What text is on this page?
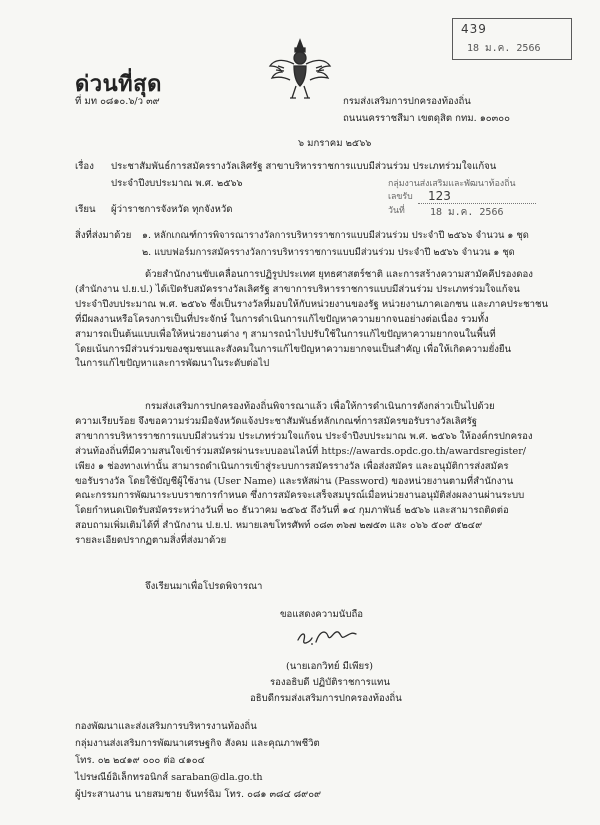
439
18 ม.ค. 2566
ด่วนที่สุด
ที่ มท ๐๘๑๐.๖/ว ๓๙	กรมส่งเสริมการปกครองท้องถิ่น
ถนนนครราชสีมา เขตดุสิต กทม. ๑๐๓๐๐
๖ มกราคม ๒๕๖๖
กลุ่มงานส่งเสริมและพัฒนาท้องถิ่น
เลขรับ 123
วันที่	18 ม.ค. 2566
เรื่อง ประชาสัมพันธ์การสมัครรางวัลเลิศรัฐ สาขาบริหารราชการแบบมีส่วนร่วม ประเภทร่วมใจแก้จน
ประจำปีงบประมาณ พ.ศ. ๒๕๖๖
เรียน ผู้ว่าราชการจังหวัด ทุกจังหวัด
สิ่งที่ส่งมาด้วย ๑. หลักเกณฑ์การพิจารณารางวัลการบริหารราชการแบบมีส่วนร่วม ประจำปี ๒๕๖๖ จำนวน ๑ ชุด
๒. แบบฟอร์มการสมัครรางวัลการบริหารราชการแบบมีส่วนร่วม ประจำปี ๒๕๖๖ จำนวน ๑ ชุด
ด้วยสำนักงานขับเคลื่อนการปฏิรูปประเทศ ยุทธศาสตร์ชาติ และการสร้างความสามัคคีปรองดอง
(สำนักงาน ป.ย.ป.) ได้เปิดรับสมัครรางวัลเลิศรัฐ สาขาการบริหารราชการแบบมีส่วนร่วม ประเภทร่วมใจแก้จน
ประจำปีงบประมาณ พ.ศ. ๒๕๖๖ ซึ่งเป็นรางวัลที่มอบให้กับหน่วยงานของรัฐ หน่วยงานภาคเอกชน และภาคประชาชน
ที่มีผลงานหรือโครงการเป็นที่ประจักษ์ ในการดำเนินการแก้ไขปัญหาความยากจนอย่างต่อเนื่อง รวมทั้ง
สามารถเป็นต้นแบบเพื่อให้หน่วยงานต่าง ๆ สามารถนำไปปรับใช้ในการแก้ไขปัญหาความยากจนในพื้นที่
โดยเน้นการมีส่วนร่วมของชุมชนและสังคมในการแก้ไขปัญหาความยากจนเป็นสำคัญ เพื่อให้เกิดความยั่งยืน
ในการแก้ไขปัญหาและการพัฒนาในระดับต่อไป
กรมส่งเสริมการปกครองท้องถิ่นพิจารณาแล้ว เพื่อให้การดำเนินการดังกล่าวเป็นไปด้วย
ความเรียบร้อย จึงขอความร่วมมือจังหวัดแจ้งประชาสัมพันธ์หลักเกณฑ์การสมัครขอรับรางวัลเลิศรัฐ
สาขาการบริหารราชการแบบมีส่วนร่วม ประเภทร่วมใจแก้จน ประจำปีงบประมาณ พ.ศ. ๒๕๖๖ ให้องค์กรปกครอง
ส่วนท้องถิ่นที่มีความสนใจเข้าร่วมสมัครผ่านระบบออนไลน์ที่ https://awards.opdc.go.th/awardsregister/
เพียง ๑ ช่องทางเท่านั้น สามารถดำเนินการเข้าสู่ระบบการสมัครรางวัล เพื่อส่งสมัคร และอนุมัติการส่งสมัคร
ขอรับรางวัล โดยใช้บัญชีผู้ใช้งาน (User Name) และรหัสผ่าน (Password) ของหน่วยงานตามที่สำนักงาน
คณะกรรมการพัฒนาระบบราชการกำหนด ซึ่งการสมัครจะเสร็จสมบูรณ์เมื่อหน่วยงานอนุมัติส่งผลงานผ่านระบบ
โดยกำหนดเปิดรับสมัครระหว่างวันที่ ๒๐ ธันวาคม ๒๕๖๕ ถึงวันที่ ๑๔ กุมภาพันธ์ ๒๕๖๖ และสามารถติดต่อ
สอบถามเพิ่มเติมได้ที่ สำนักงาน ป.ย.ป. หมายเลขโทรศัพท์ ๐๘๓ ๓๖๗ ๒๗๕๓ และ ๐๖๖ ๕๐๙ ๕๒๔๙
รายละเอียดปรากฏตามสิ่งที่ส่งมาด้วย
จึงเรียนมาเพื่อโปรดพิจารณา
ขอแสดงความนับถือ
(นายเอกวิทย์ มีเพียร)
รองอธิบดี ปฏิบัติราชการแทน
อธิบดีกรมส่งเสริมการปกครองท้องถิ่น
กองพัฒนาและส่งเสริมการบริหารงานท้องถิ่น
กลุ่มงานส่งเสริมการพัฒนาเศรษฐกิจ สังคม และคุณภาพชีวิต
โทร. ๐๒ ๒๔๑๙ ๐๐๐ ต่อ ๔๑๐๔
ไปรษณีย์อิเล็กทรอนิกส์ saraban@dla.go.th
ผู้ประสานงาน นายสมชาย จันทร์ฉิม โทร. ๐๘๑ ๓๘๔ ๘๙๐๙
